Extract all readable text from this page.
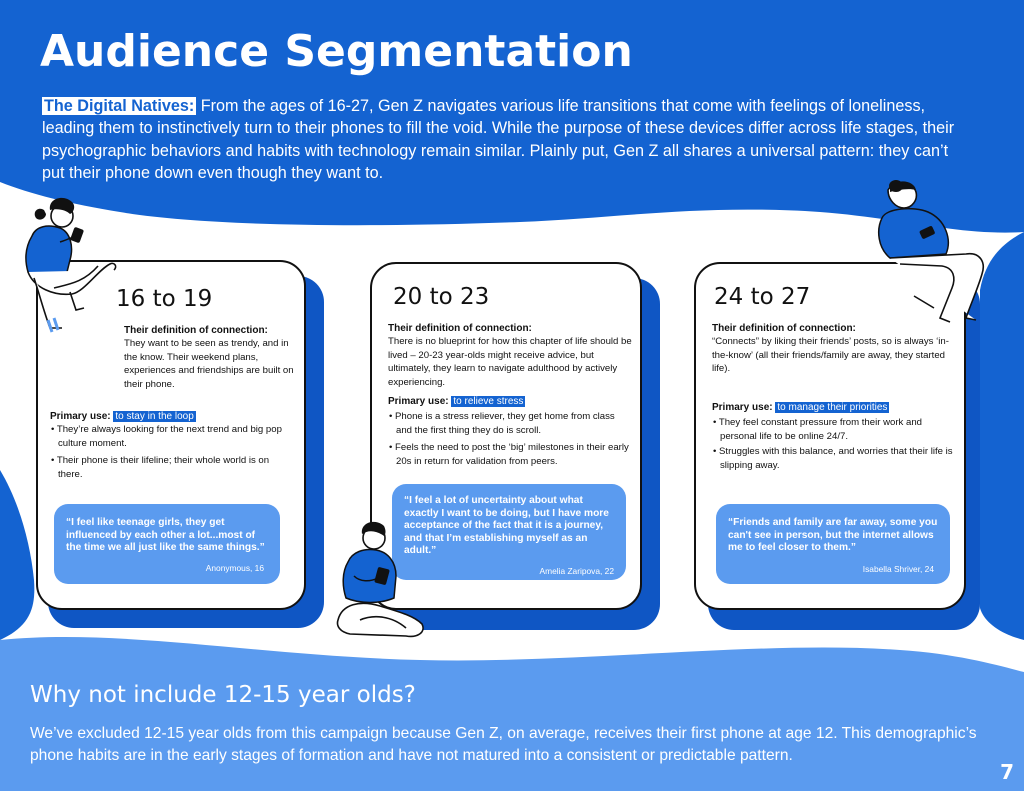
Audience Segmentation
The Digital Natives: From the ages of 16-27, Gen Z navigates various life transitions that come with feelings of loneliness, leading them to instinctively turn to their phones to fill the void. While the purpose of these devices differ across life stages, their psychographic behaviors and habits with technology remain similar. Plainly put, Gen Z all shares a universal pattern: they can’t put their phone down even though they want to.
16 to 19
Their definition of connection:
They want to be seen as trendy, and in the know. Their weekend plans, experiences and friendships are built on their phone.
Primary use: to stay in the loop
• They’re always looking for the next trend and big pop culture moment.
• Their phone is their lifeline; their whole world is on there.
“I feel like teenage girls, they get influenced by each other a lot...most of the time we all just like the same things.”
Anonymous, 16
20 to 23
Their definition of connection:
There is no blueprint for how this chapter of life should be lived – 20-23 year-olds might receive advice, but ultimately, they learn to navigate adulthood by actively experiencing.
Primary use: to relieve stress
• Phone is a stress reliever, they get home from class and the first thing they do is scroll.
• Feels the need to post the ‘big’ milestones in their early 20s in return for validation from peers.
“I feel a lot of uncertainty about what exactly I want to be doing, but I have more acceptance of the fact that it is a journey, and that I’m establishing myself as an adult.”
Amelia Zaripova, 22
24 to 27
Their definition of connection:
“Connects” by liking their friends’ posts, so is always ‘in-the-know’ (all their friends/family are away, they started life).
Primary use: to manage their priorities
• They feel constant pressure from their work and personal life to be online 24/7.
• Struggles with this balance, and worries that their life is slipping away.
“Friends and family are far away, some you can't see in person, but the internet allows me to feel closer to them.”
Isabella Shriver, 24
Why not include 12-15 year olds?
We’ve excluded 12-15 year olds from this campaign because Gen Z, on average, receives their first phone at age 12. This demographic’s phone habits are in the early stages of formation and have not matured into a consistent or predictable pattern.
7
